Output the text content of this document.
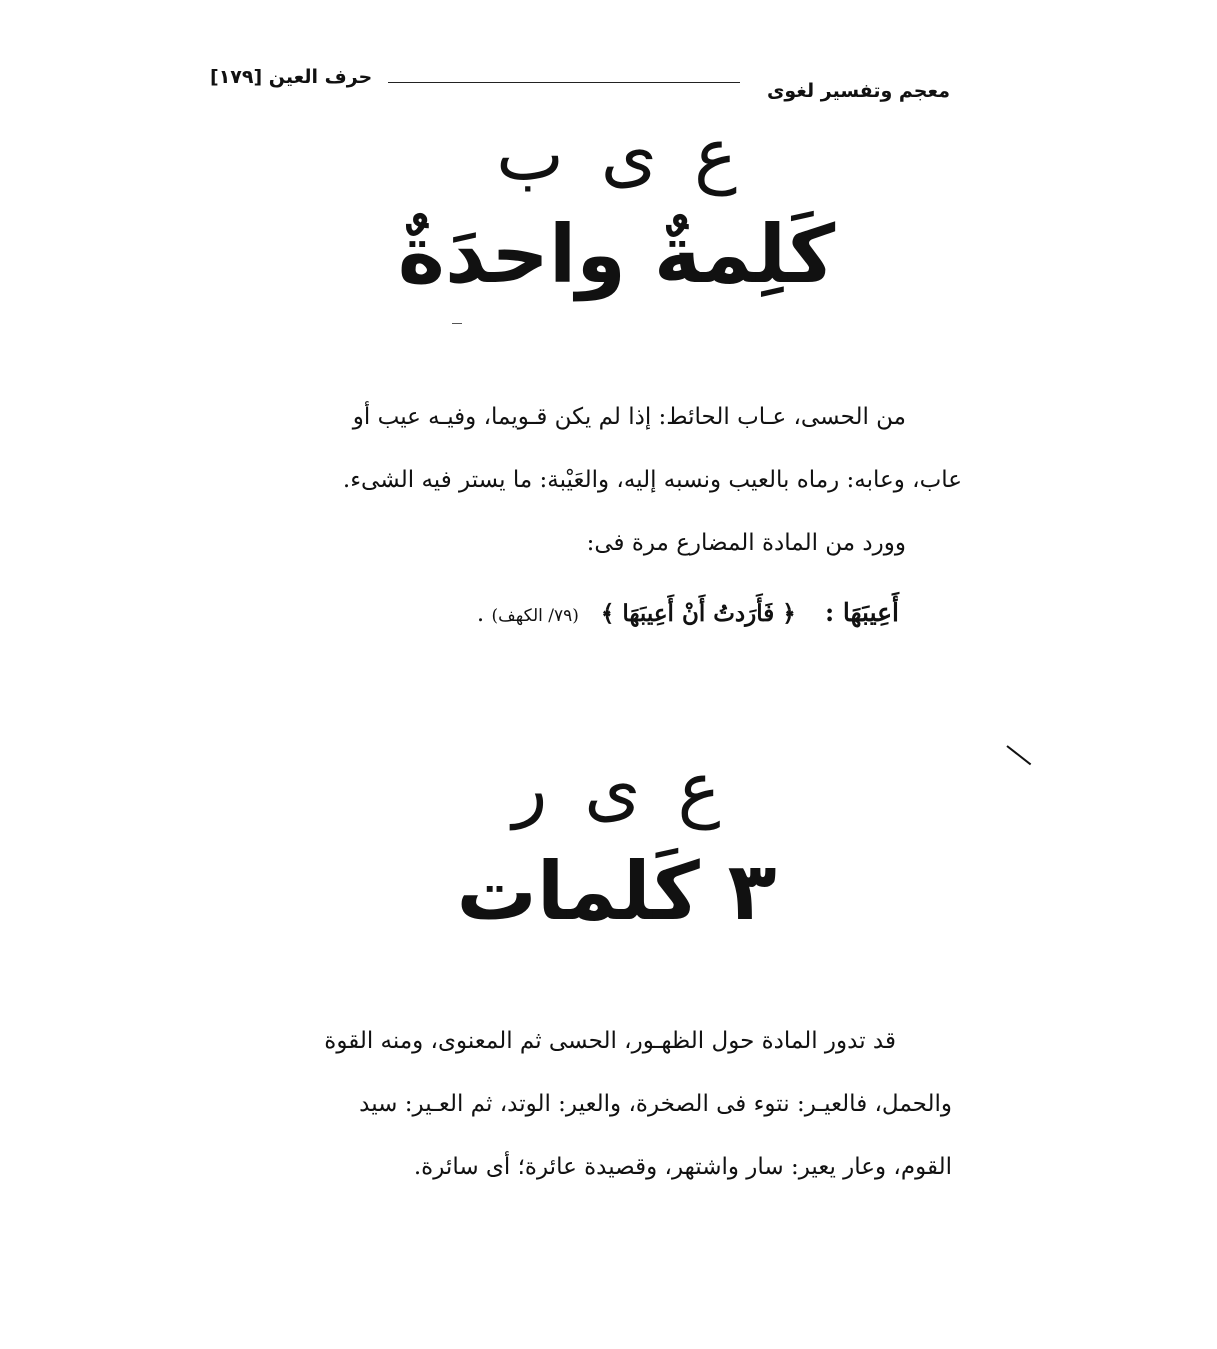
حرف العين [١٧٩]
معجم وتفسير لغوى
ع ى ب
كَلِمةٌ واحدَةٌ
من الحسى، عـاب الحائط: إذا لم يكن قـويما، وفيـه عيب أو
عاب، وعابه: رماه بالعيب ونسبه إليه، والعَيْبة: ما يستر فيه الشىء.
وورد من المادة المضارع مرة فى:
أَعِيبَهَا :    ﴿ فَأَرَدتُ أَنْ أَعِيبَهَا ﴾   (٧٩/ الكهف) .
ع ى ر
٣ كَلمات
قد تدور المادة حول الظهـور، الحسى ثم المعنوى، ومنه القوة
والحمل، فالعيـر: نتوء فى الصخرة، والعير: الوتد، ثم العـير: سيد
القوم، وعار يعير: سار واشتهر، وقصيدة عائرة؛ أى سائرة.
